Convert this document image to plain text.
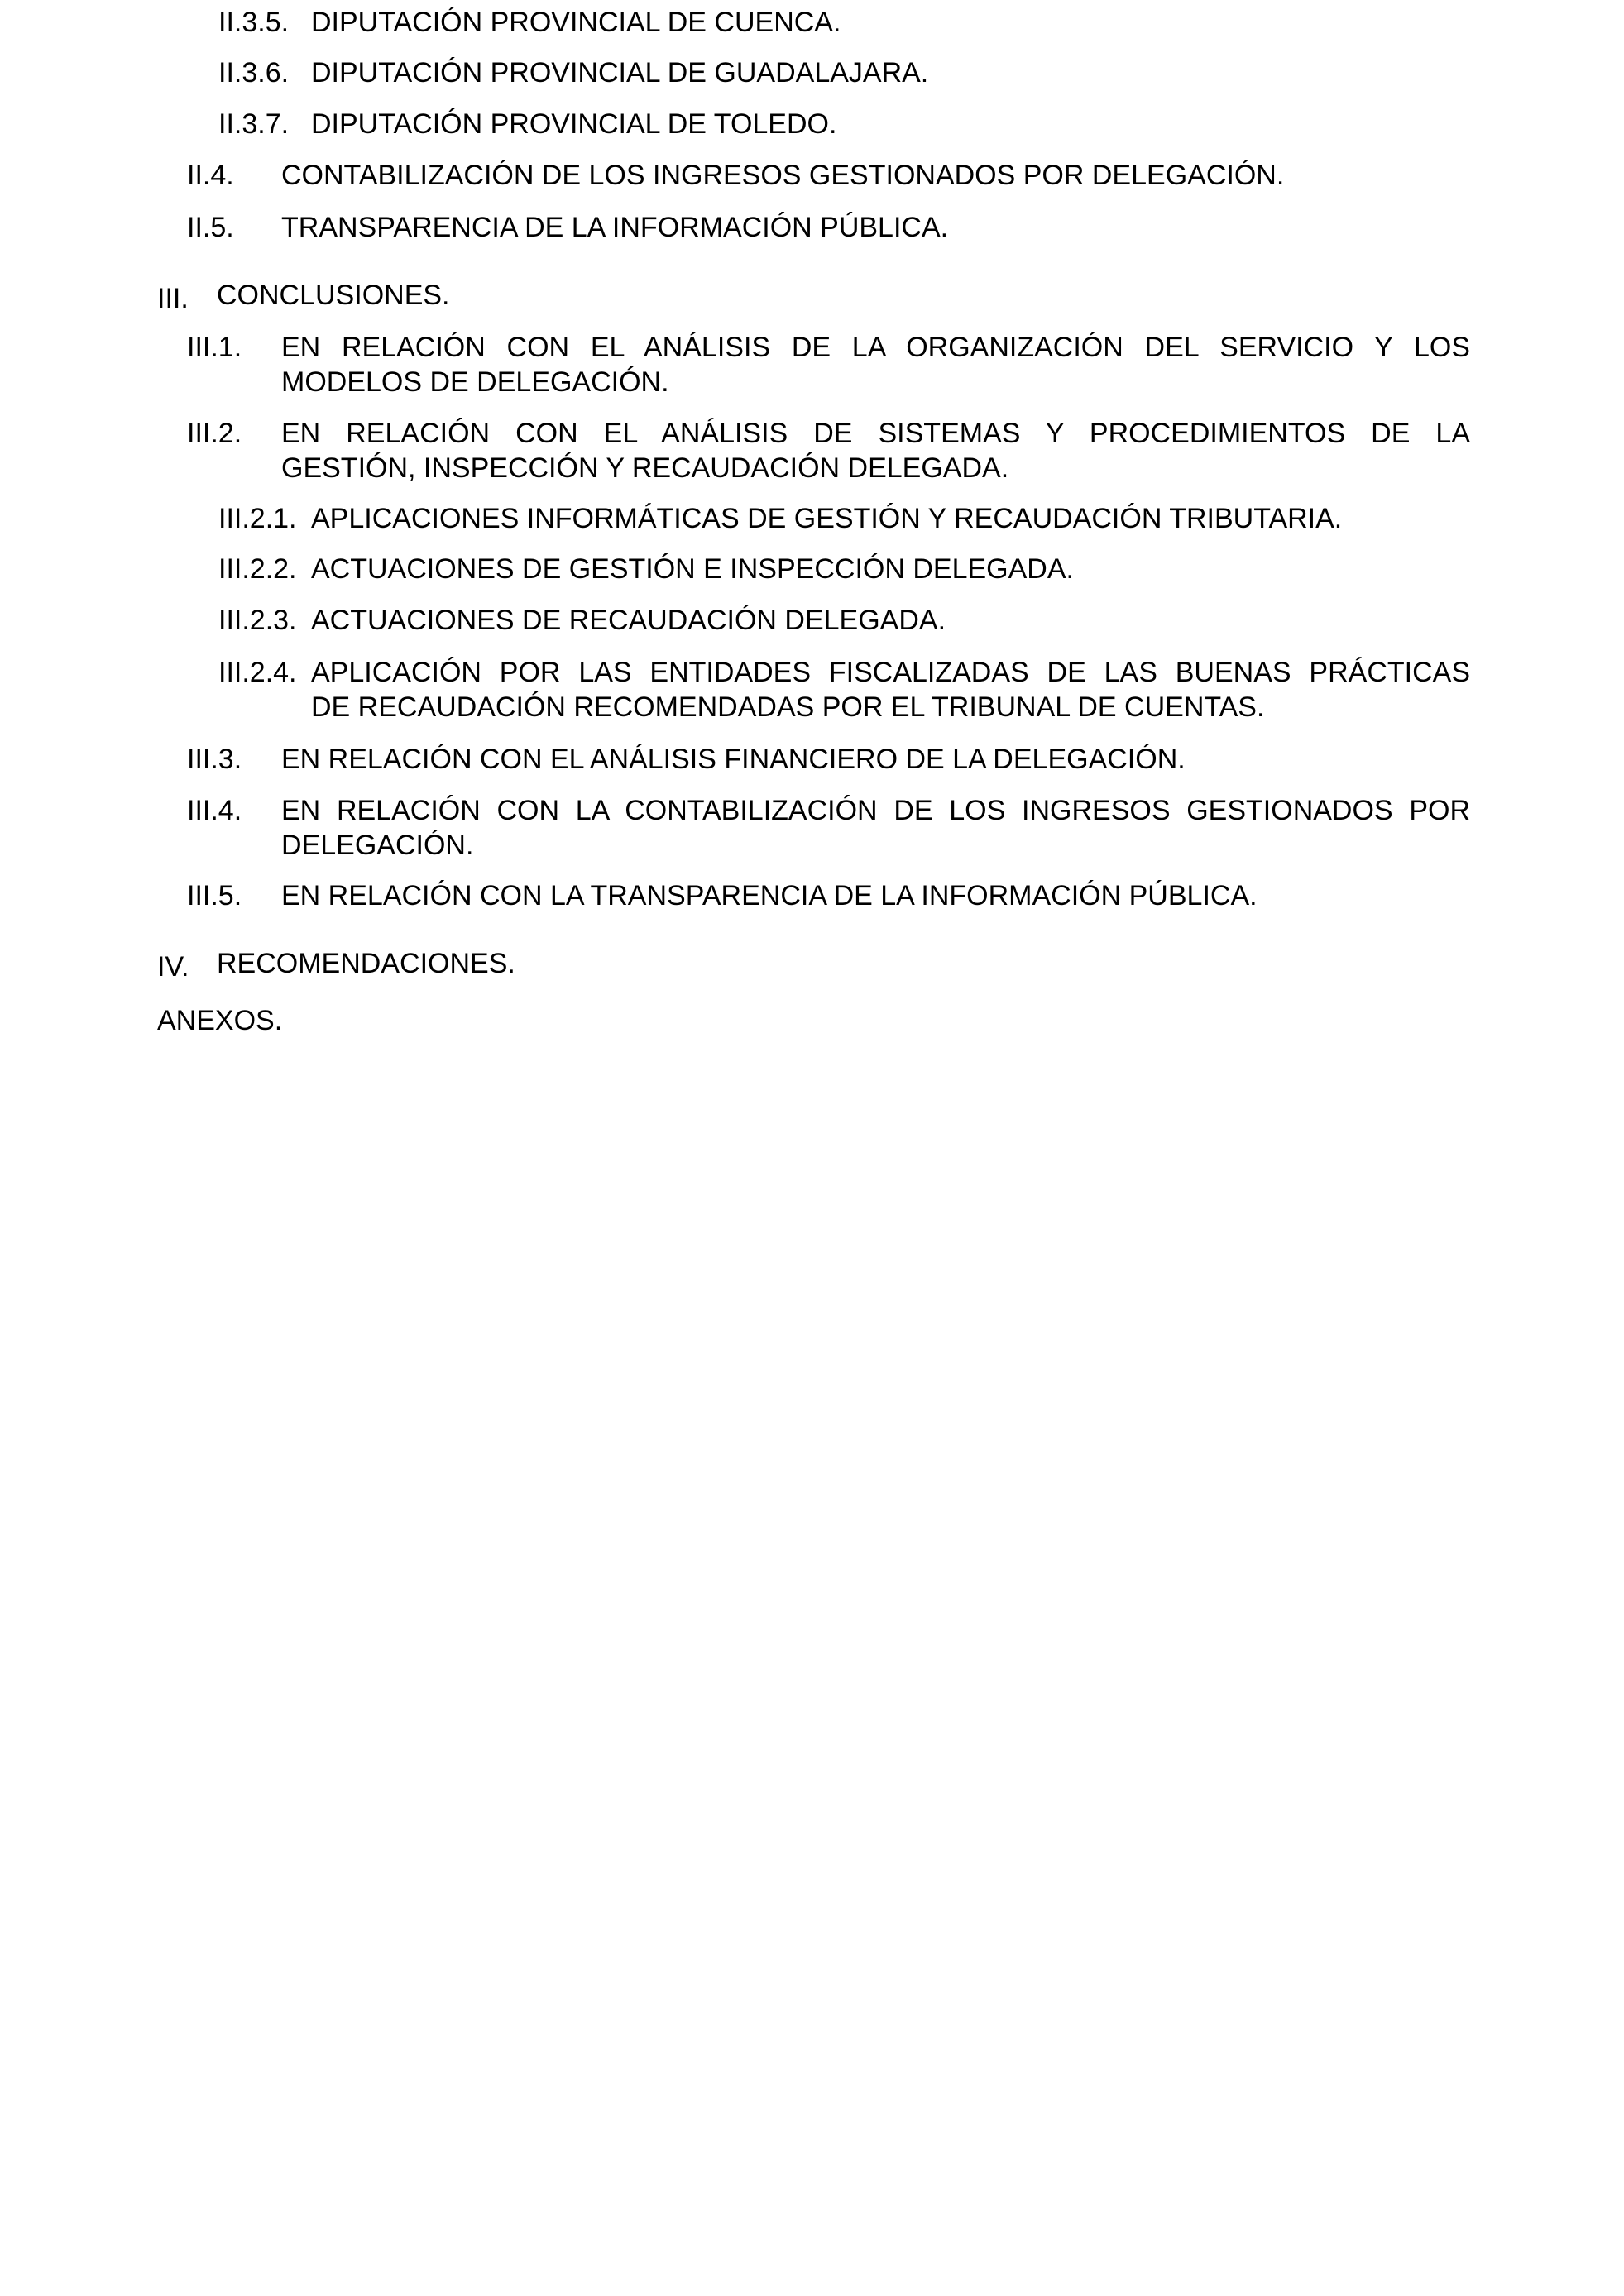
II.3.5. DIPUTACIÓN PROVINCIAL DE CUENCA.
II.3.6. DIPUTACIÓN PROVINCIAL DE GUADALAJARA.
II.3.7. DIPUTACIÓN PROVINCIAL DE TOLEDO.
II.4. CONTABILIZACIÓN DE LOS INGRESOS GESTIONADOS POR DELEGACIÓN.
II.5. TRANSPARENCIA DE LA INFORMACIÓN PÚBLICA.
III. CONCLUSIONES.
III.1. EN RELACIÓN CON EL ANÁLISIS DE LA ORGANIZACIÓN DEL SERVICIO Y LOS
MODELOS DE DELEGACIÓN.
III.2. EN RELACIÓN CON EL ANÁLISIS DE SISTEMAS Y PROCEDIMIENTOS DE LA
GESTIÓN, INSPECCIÓN Y RECAUDACIÓN DELEGADA.
III.2.1. APLICACIONES INFORMÁTICAS DE GESTIÓN Y RECAUDACIÓN TRIBUTARIA.
III.2.2. ACTUACIONES DE GESTIÓN E INSPECCIÓN DELEGADA.
III.2.3. ACTUACIONES DE RECAUDACIÓN DELEGADA.
III.2.4. APLICACIÓN POR LAS ENTIDADES FISCALIZADAS DE LAS BUENAS PRÁCTICAS
DE RECAUDACIÓN RECOMENDADAS POR EL TRIBUNAL DE CUENTAS.
III.3. EN RELACIÓN CON EL ANÁLISIS FINANCIERO DE LA DELEGACIÓN.
III.4. EN RELACIÓN CON LA CONTABILIZACIÓN DE LOS INGRESOS GESTIONADOS POR
DELEGACIÓN.
III.5. EN RELACIÓN CON LA TRANSPARENCIA DE LA INFORMACIÓN PÚBLICA.
IV. RECOMENDACIONES.
ANEXOS.
